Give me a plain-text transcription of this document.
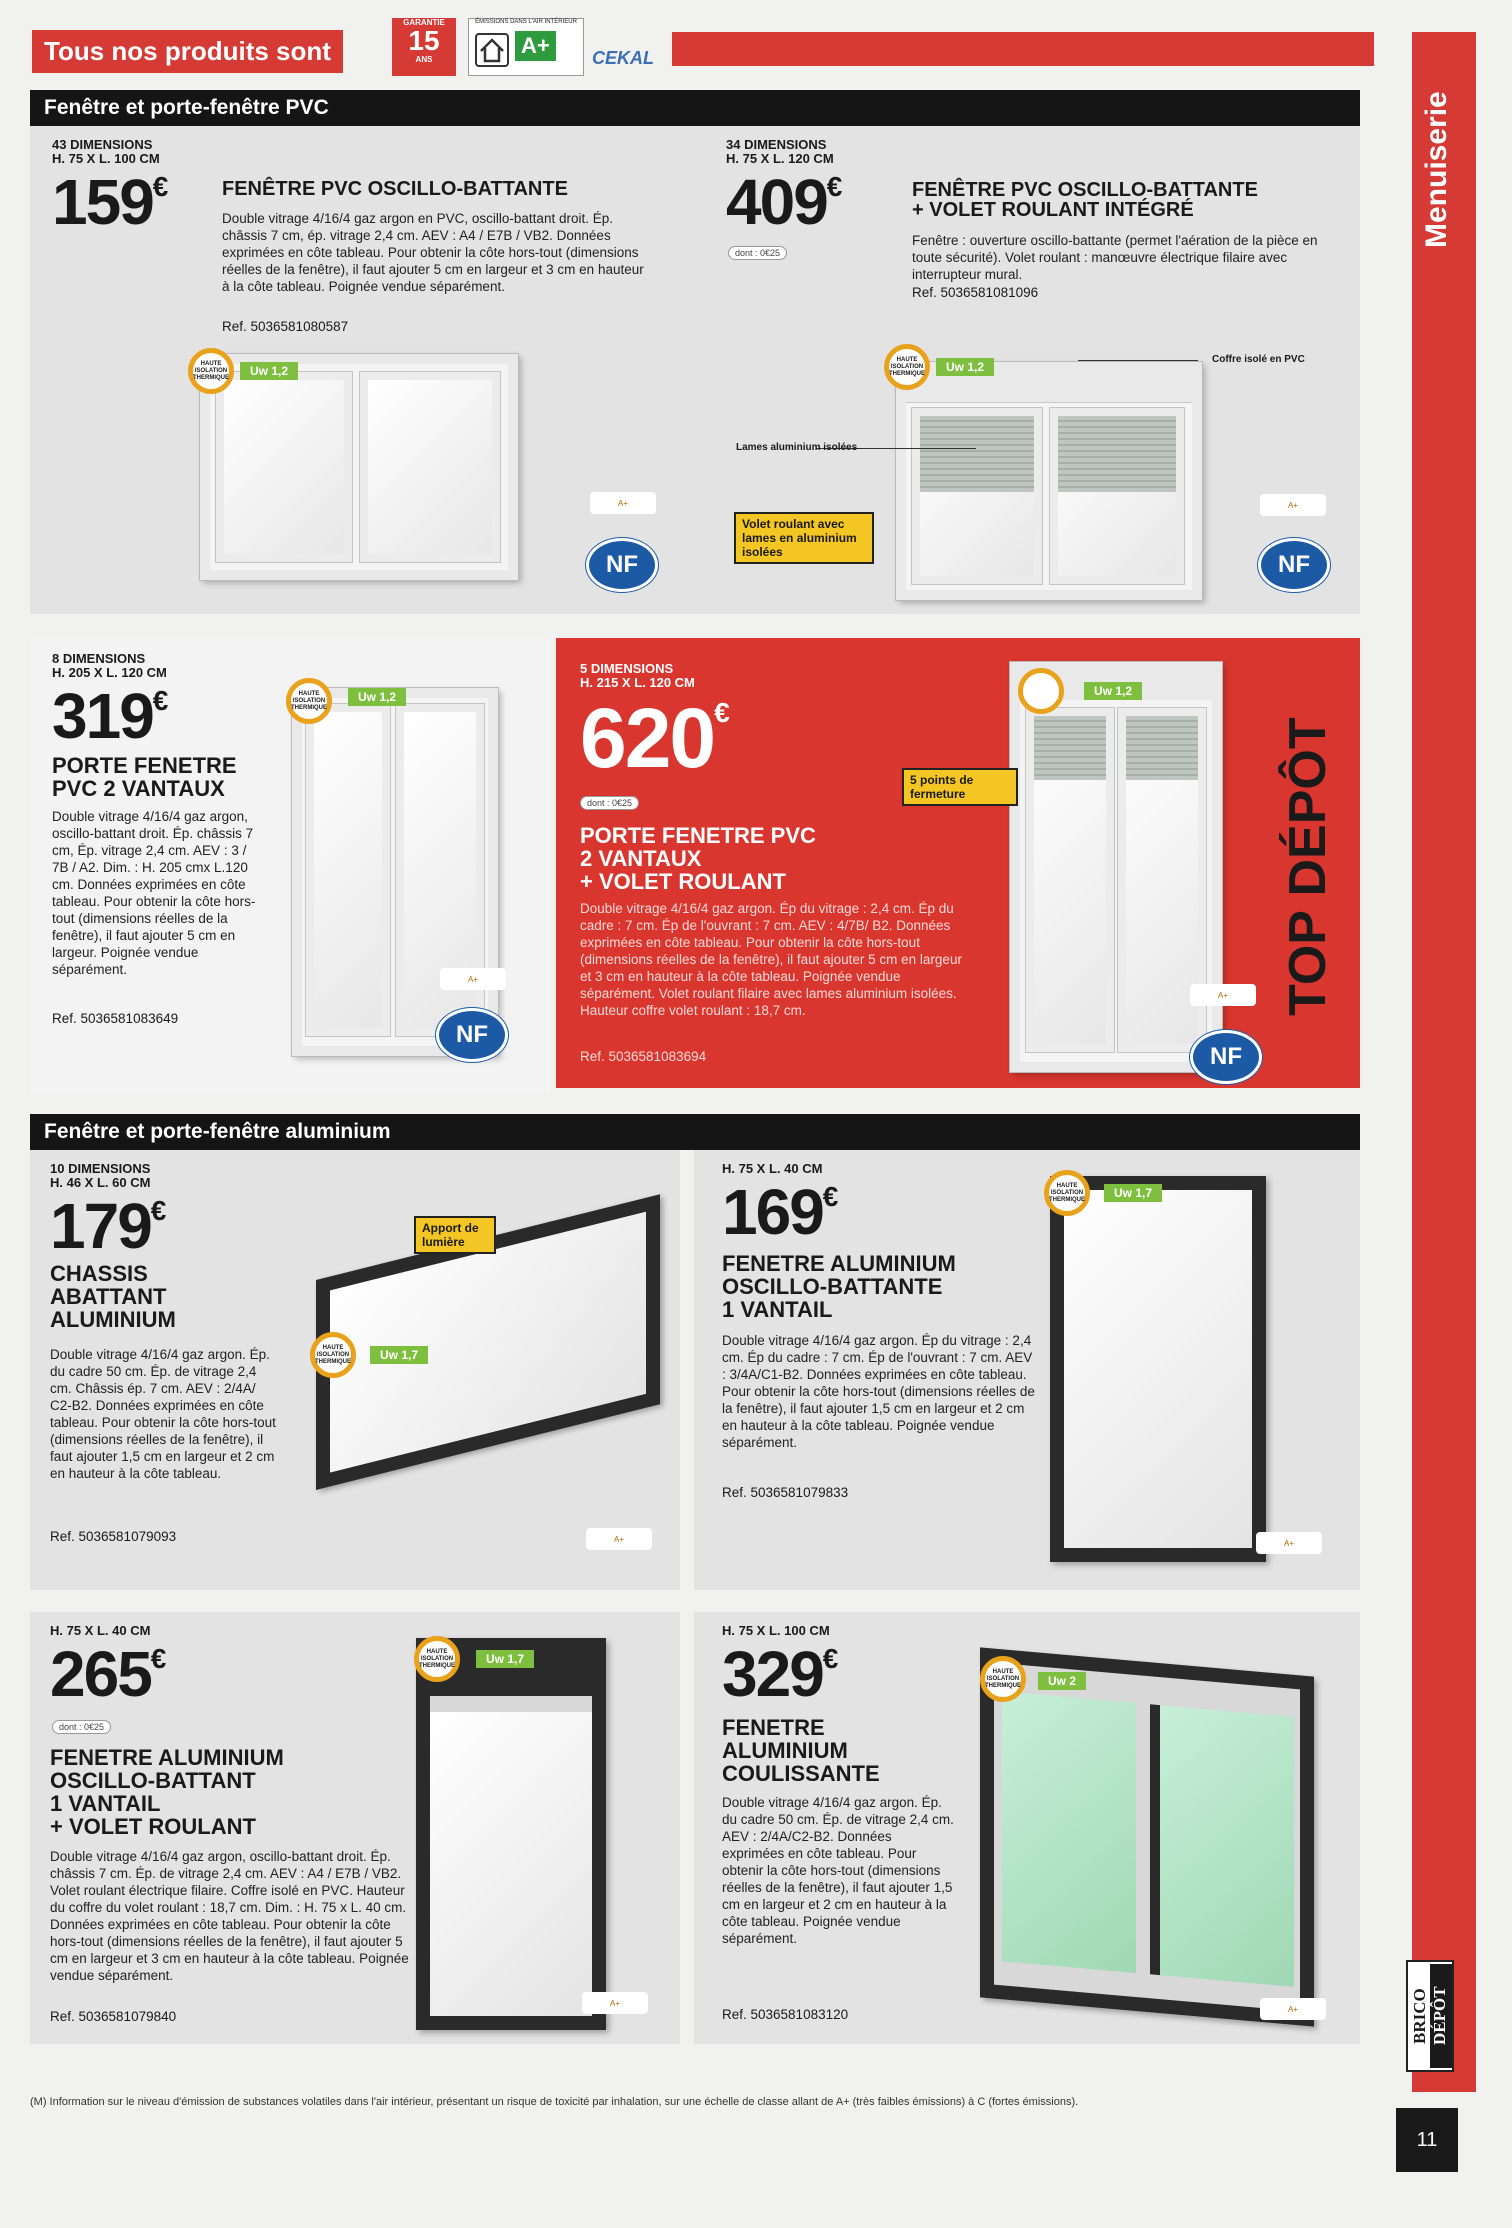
Tous nos produits sont
GARANTIE
15
ANS
ÉMISSIONS DANS L'AIR INTÉRIEUR
A+	CEKAL
Menuiserie
BRICO DÉPÔT
11
Fenêtre et porte-fenêtre PVC
43 DIMENSIONS
H. 75 X L. 100 CM
159€	FENÊTRE PVC OSCILLO-BATTANTE
Double vitrage 4/16/4 gaz argon en PVC, oscillo-battant droit. Ép. châssis 7 cm, ép. vitrage 2,4 cm. AEV : A4 / E7B / VB2. Données exprimées en côte tableau. Pour obtenir la côte hors-tout (dimensions réelles de la fenêtre), il faut ajouter 5 cm en largeur et 3 cm en hauteur à la côte tableau. Poignée vendue séparément.
Ref. 5036581080587
Uw 1,2
HAUTE ISOLATION THERMIQUE
A+
NF
34 DIMENSIONS
H. 75 X L. 120 CM
409€
dont : 0€25
FENÊTRE PVC OSCILLO-BATTANTE
+ VOLET ROULANT INTÉGRÉ
Fenêtre : ouverture oscillo-battante (permet l'aération de la pièce en toute sécurité). Volet roulant : manœuvre électrique filaire avec interrupteur mural.
Ref. 5036581081096
Uw 1,2
HAUTE ISOLATION THERMIQUE
Coffre isolé en PVC
Lames aluminium isolées
Volet roulant avec lames en aluminium isolées
A+
NF
8 DIMENSIONS
H. 205 X L. 120 CM
319€
PORTE FENETRE
PVC 2 VANTAUX
Double vitrage 4/16/4 gaz argon, oscillo-battant droit. Ép. châssis 7 cm, Ép. vitrage 2,4 cm. AEV : 3 / 7B / A2. Dim. : H. 205 cmx L.120 cm. Données exprimées en côte tableau. Pour obtenir la côte hors-tout (dimensions réelles de la fenêtre), il faut ajouter 5 cm en largeur. Poignée vendue séparément.
Ref. 5036581083649
Uw 1,2
HAUTE ISOLATION THERMIQUE
A+
NF
5 DIMENSIONS
H. 215 X L. 120 CM
620€
dont : 0€25
PORTE FENETRE PVC
2 VANTAUX
+ VOLET ROULANT
Double vitrage 4/16/4 gaz argon. Ép du vitrage : 2,4 cm. Ép du cadre : 7 cm. Ép de l'ouvrant : 7 cm. AEV : 4/7B/ B2. Données exprimées en côte tableau. Pour obtenir la côte hors-tout (dimensions réelles de la fenêtre), il faut ajouter 5 cm en largeur et 3 cm en hauteur à la côte tableau. Poignée vendue séparément. Volet roulant filaire avec lames aluminium isolées. Hauteur coffre volet roulant : 18,7 cm.
Ref. 5036581083694
Uw 1,2
HAUTE ISOLATION THERMIQUE
5 points de fermeture
A+
NF
TOP DÉPÔT
Fenêtre et porte-fenêtre aluminium
10 DIMENSIONS
H. 46 X L. 60 CM
179€
CHASSIS
ABATTANT
ALUMINIUM
Double vitrage 4/16/4 gaz argon. Ép. du cadre 50 cm. Ép. de vitrage 2,4 cm. Châssis ép. 7 cm. AEV : 2/4A/ C2-B2. Données exprimées en côte tableau. Pour obtenir la côte hors-tout (dimensions réelles de la fenêtre), il faut ajouter 1,5 cm en largeur et 2 cm en hauteur à la côte tableau.
Ref. 5036581079093
Uw 1,7
HAUTE ISOLATION THERMIQUE
Apport de lumière
A+
H. 75 X L. 40 CM
169€
FENETRE ALUMINIUM
OSCILLO-BATTANTE
1 VANTAIL
Double vitrage 4/16/4 gaz argon. Ép du vitrage : 2,4 cm. Ép du cadre : 7 cm. Ép de l'ouvrant : 7 cm. AEV : 3/4A/C1-B2. Données exprimées en côte tableau. Pour obtenir la côte hors-tout (dimensions réelles de la fenêtre), il faut ajouter 1,5 cm en largeur et 2 cm en hauteur à la côte tableau. Poignée vendue séparément.
Ref. 5036581079833
Uw 1,7
HAUTE ISOLATION THERMIQUE
A+
H. 75 X L. 40 CM
265€
dont : 0€25
FENETRE ALUMINIUM
OSCILLO-BATTANT
1 VANTAIL
+ VOLET ROULANT
Double vitrage 4/16/4 gaz argon, oscillo-battant droit. Ép. châssis 7 cm. Ép. de vitrage 2,4 cm. AEV : A4 / E7B / VB2. Volet roulant électrique filaire. Coffre isolé en PVC. Hauteur du coffre du volet roulant : 18,7 cm. Dim. : H. 75 x L. 40 cm. Données exprimées en côte tableau. Pour obtenir la côte hors-tout (dimensions réelles de la fenêtre), il faut ajouter 5 cm en largeur et 3 cm en hauteur à la côte tableau. Poignée vendue séparément.
Ref. 5036581079840
Uw 1,7
HAUTE ISOLATION THERMIQUE
A+
H. 75 X L. 100 CM
329€
FENETRE
ALUMINIUM
COULISSANTE
Double vitrage 4/16/4 gaz argon. Ép. du cadre 50 cm. Ép. de vitrage 2,4 cm. AEV : 2/4A/C2-B2. Données exprimées en côte tableau. Pour obtenir la côte hors-tout (dimensions réelles de la fenêtre), il faut ajouter 1,5 cm en largeur et 2 cm en hauteur à la côte tableau. Poignée vendue séparément.
Ref. 5036581083120
Uw 2
HAUTE ISOLATION THERMIQUE
A+
(M) Information sur le niveau d'émission de substances volatiles dans l'air intérieur, présentant un risque de toxicité par inhalation, sur une échelle de classe allant de A+ (très faibles émissions) à C (fortes émissions).
